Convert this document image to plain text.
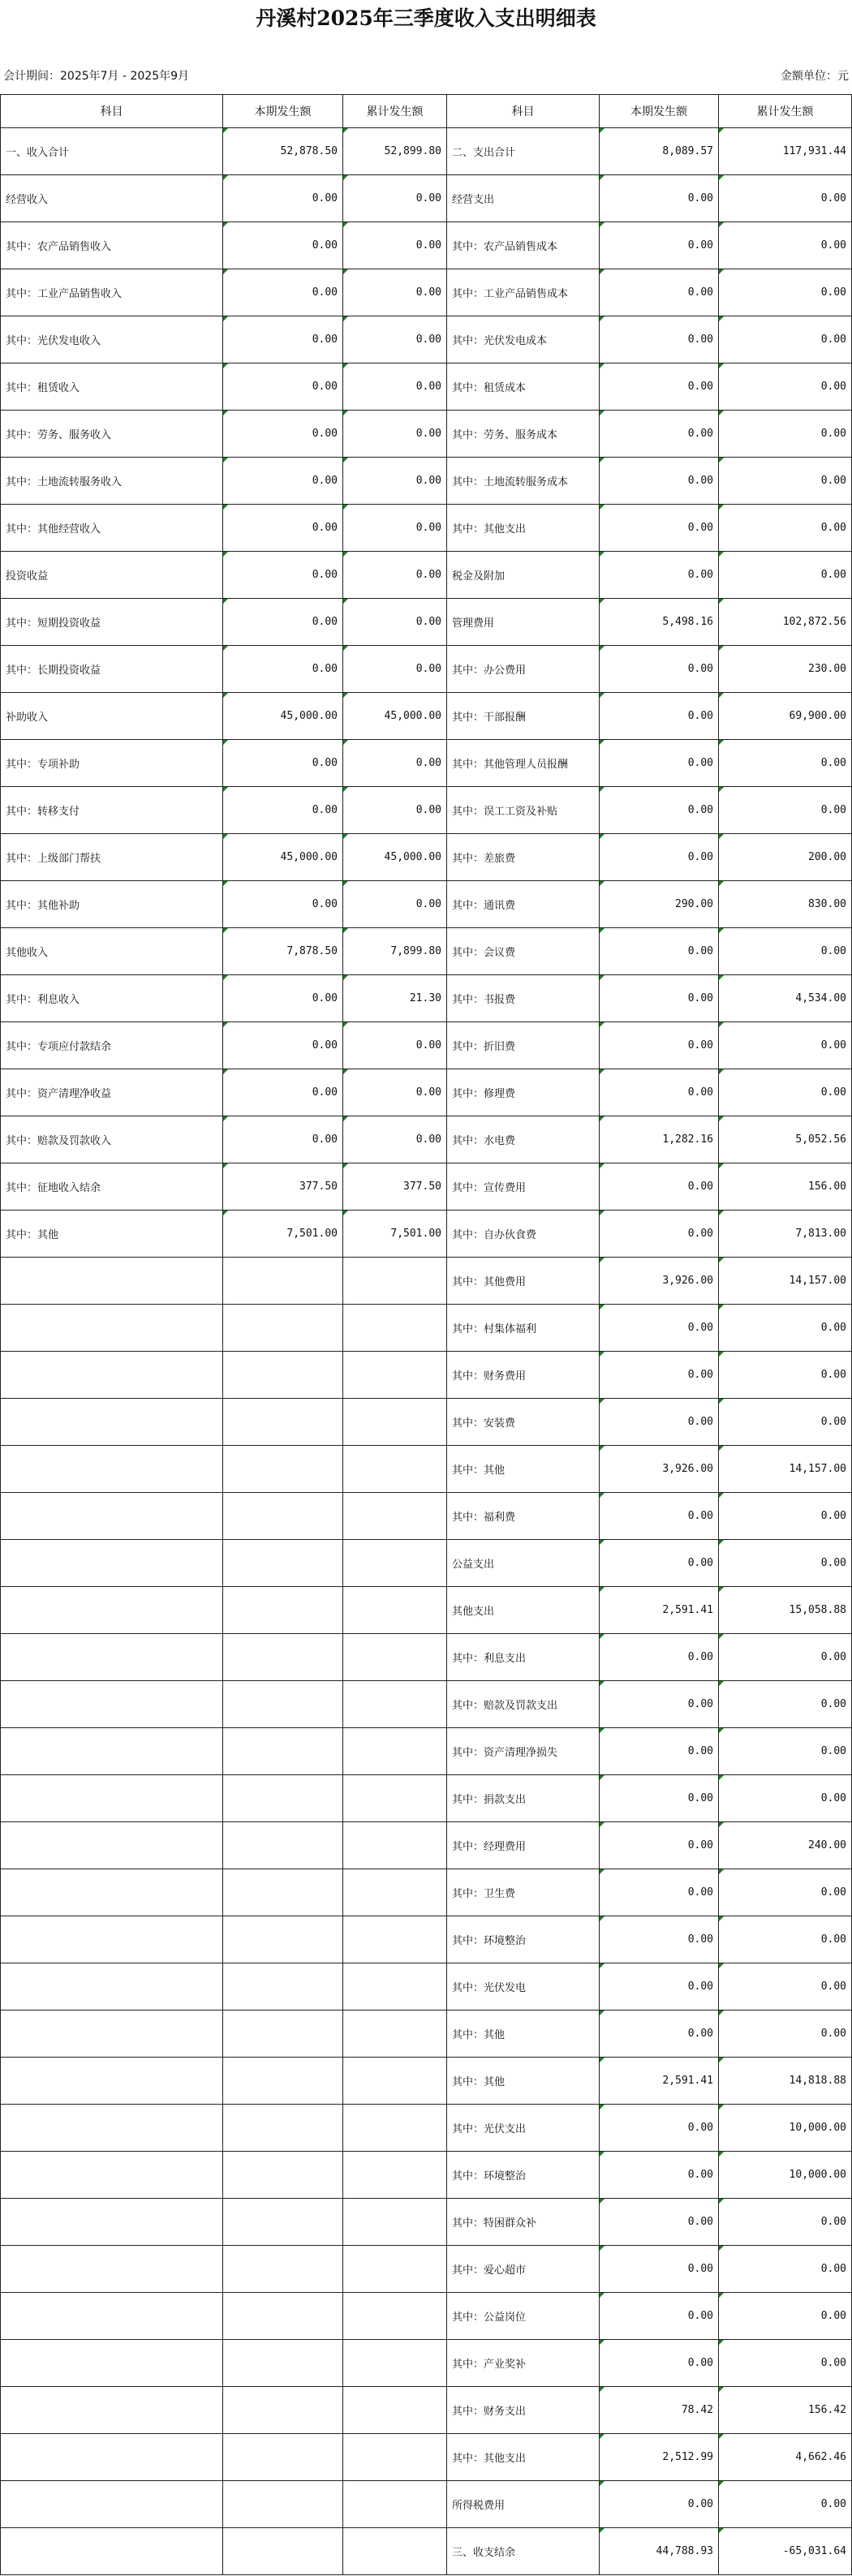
丹溪村2025年三季度收入支出明细表
会计期间：2025年7月 - 2025年9月	金额单位：元
科目	本期发生额	累计发生额	科目	本期发生额	累计发生额
一、收入合计	52,878.50	52,899.80	二、支出合计	8,089.57	117,931.44
经营收入	0.00	0.00	经营支出	0.00	0.00
其中：农产品销售收入	0.00	0.00	其中：农产品销售成本	0.00	0.00
其中：工业产品销售收入	0.00	0.00	其中：工业产品销售成本	0.00	0.00
其中：光伏发电收入	0.00	0.00	其中：光伏发电成本	0.00	0.00
其中：租赁收入	0.00	0.00	其中：租赁成本	0.00	0.00
其中：劳务、服务收入	0.00	0.00	其中：劳务、服务成本	0.00	0.00
其中：土地流转服务收入	0.00	0.00	其中：土地流转服务成本	0.00	0.00
其中：其他经营收入	0.00	0.00	其中：其他支出	0.00	0.00
投资收益	0.00	0.00	税金及附加	0.00	0.00
其中：短期投资收益	0.00	0.00	管理费用	5,498.16	102,872.56
其中：长期投资收益	0.00	0.00	其中：办公费用	0.00	230.00
补助收入	45,000.00	45,000.00	其中：干部报酬	0.00	69,900.00
其中：专项补助	0.00	0.00	其中：其他管理人员报酬	0.00	0.00
其中：转移支付	0.00	0.00	其中：误工工资及补贴	0.00	0.00
其中：上级部门帮扶	45,000.00	45,000.00	其中：差旅费	0.00	200.00
其中：其他补助	0.00	0.00	其中：通讯费	290.00	830.00
其他收入	7,878.50	7,899.80	其中：会议费	0.00	0.00
其中：利息收入	0.00	21.30	其中：书报费	0.00	4,534.00
其中：专项应付款结余	0.00	0.00	其中：折旧费	0.00	0.00
其中：资产清理净收益	0.00	0.00	其中：修理费	0.00	0.00
其中：赔款及罚款收入	0.00	0.00	其中：水电费	1,282.16	5,052.56
其中：征地收入结余	377.50	377.50	其中：宣传费用	0.00	156.00
其中：其他	7,501.00	7,501.00	其中：自办伙食费	0.00	7,813.00
			其中：其他费用	3,926.00	14,157.00
			其中：村集体福利	0.00	0.00
			其中：财务费用	0.00	0.00
			其中：安装费	0.00	0.00
			其中：其他	3,926.00	14,157.00
			其中：福利费	0.00	0.00
			公益支出	0.00	0.00
			其他支出	2,591.41	15,058.88
			其中：利息支出	0.00	0.00
			其中：赔款及罚款支出	0.00	0.00
			其中：资产清理净损失	0.00	0.00
			其中：捐款支出	0.00	0.00
			其中：经理费用	0.00	240.00
			其中：卫生费	0.00	0.00
			其中：环境整治	0.00	0.00
			其中：光伏发电	0.00	0.00
			其中：其他	0.00	0.00
			其中：其他	2,591.41	14,818.88
			其中：光伏支出	0.00	10,000.00
			其中：环境整治	0.00	10,000.00
			其中：特困群众补	0.00	0.00
			其中：爱心超市	0.00	0.00
			其中：公益岗位	0.00	0.00
			其中：产业奖补	0.00	0.00
			其中：财务支出	78.42	156.42
			其中：其他支出	2,512.99	4,662.46
			所得税费用	0.00	0.00
			三、收支结余	44,788.93	-65,031.64
